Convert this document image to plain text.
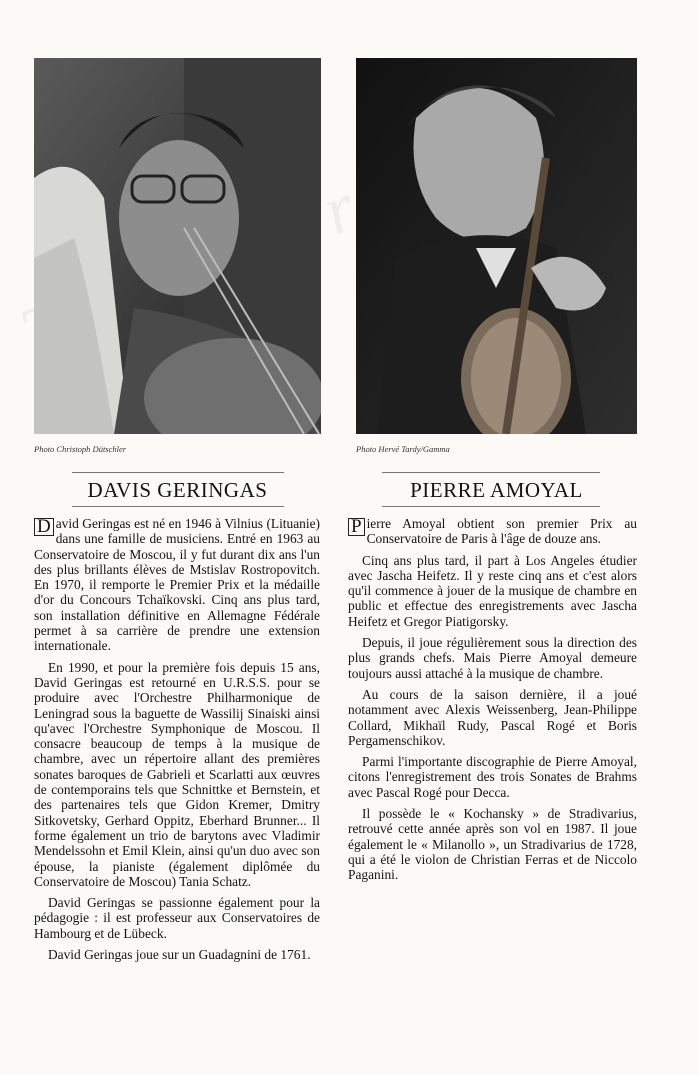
Photo Christoph Dütschler	Photo Hervé Tardy/Gamma
DAVIS GERINGAS	PIERRE AMOYAL

D avid Geringas est né en 1946 à Vilnius (Lituanie) dans une famille de musiciens. Entré en 1963 au Conservatoire de Moscou, il y fut durant dix ans l'un des plus brillants élèves de Mstislav Rostropovitch. En 1970, il remporte le Premier Prix et la médaille d'or du Concours Tchaïkovski. Cinq ans plus tard, son installation définitive en Allemagne Fédérale permet à sa carrière de prendre une extension internationale.

En 1990, et pour la première fois depuis 15 ans, David Geringas est retourné en U.R.S.S. pour se produire avec l'Orchestre Philharmonique de Leningrad sous la baguette de Wassilij Sinaiski ainsi qu'avec l'Orchestre Symphonique de Moscou. Il consacre beaucoup de temps à la musique de chambre, avec un répertoire allant des premières sonates baroques de Gabrieli et Scarlatti aux œuvres de contemporains tels que Schnittke et Bernstein, et des partenaires tels que Gidon Kremer, Dmitry Sitkovetsky, Gerhard Oppitz, Eberhard Brunner... Il forme également un trio de barytons avec Vladimir Mendelssohn et Emil Klein, ainsi qu'un duo avec son épouse, la pianiste (également diplômée du Conservatoire de Moscou) Tania Schatz.

David Geringas se passionne également pour la pédagogie : il est professeur aux Conservatoires de Hambourg et de Lübeck.

David Geringas joue sur un Guadagnini de 1761.

P ierre Amoyal obtient son premier Prix au Conservatoire de Paris à l'âge de douze ans.

Cinq ans plus tard, il part à Los Angeles étudier avec Jascha Heifetz. Il y reste cinq ans et c'est alors qu'il commence à jouer de la musique de chambre en public et effectue des enregistrements avec Jascha Heifetz et Gregor Piatigorsky.

Depuis, il joue régulièrement sous la direction des plus grands chefs. Mais Pierre Amoyal demeure toujours aussi attaché à la musique de chambre.

Au cours de la saison dernière, il a joué notamment avec Alexis Weissenberg, Jean-Philippe Collard, Mikhaïl Rudy, Pascal Rogé et Boris Pergamenschikov.

Parmi l'importante discographie de Pierre Amoyal, citons l'enregistrement des trois Sonates de Brahms avec Pascal Rogé pour Decca.

Il possède le « Kochansky » de Stradivarius, retrouvé cette année après son vol en 1987. Il joue également le « Milanollo », un Stradivarius de 1728, qui a été le violon de Christian Ferras et de Niccolo Paganini.
